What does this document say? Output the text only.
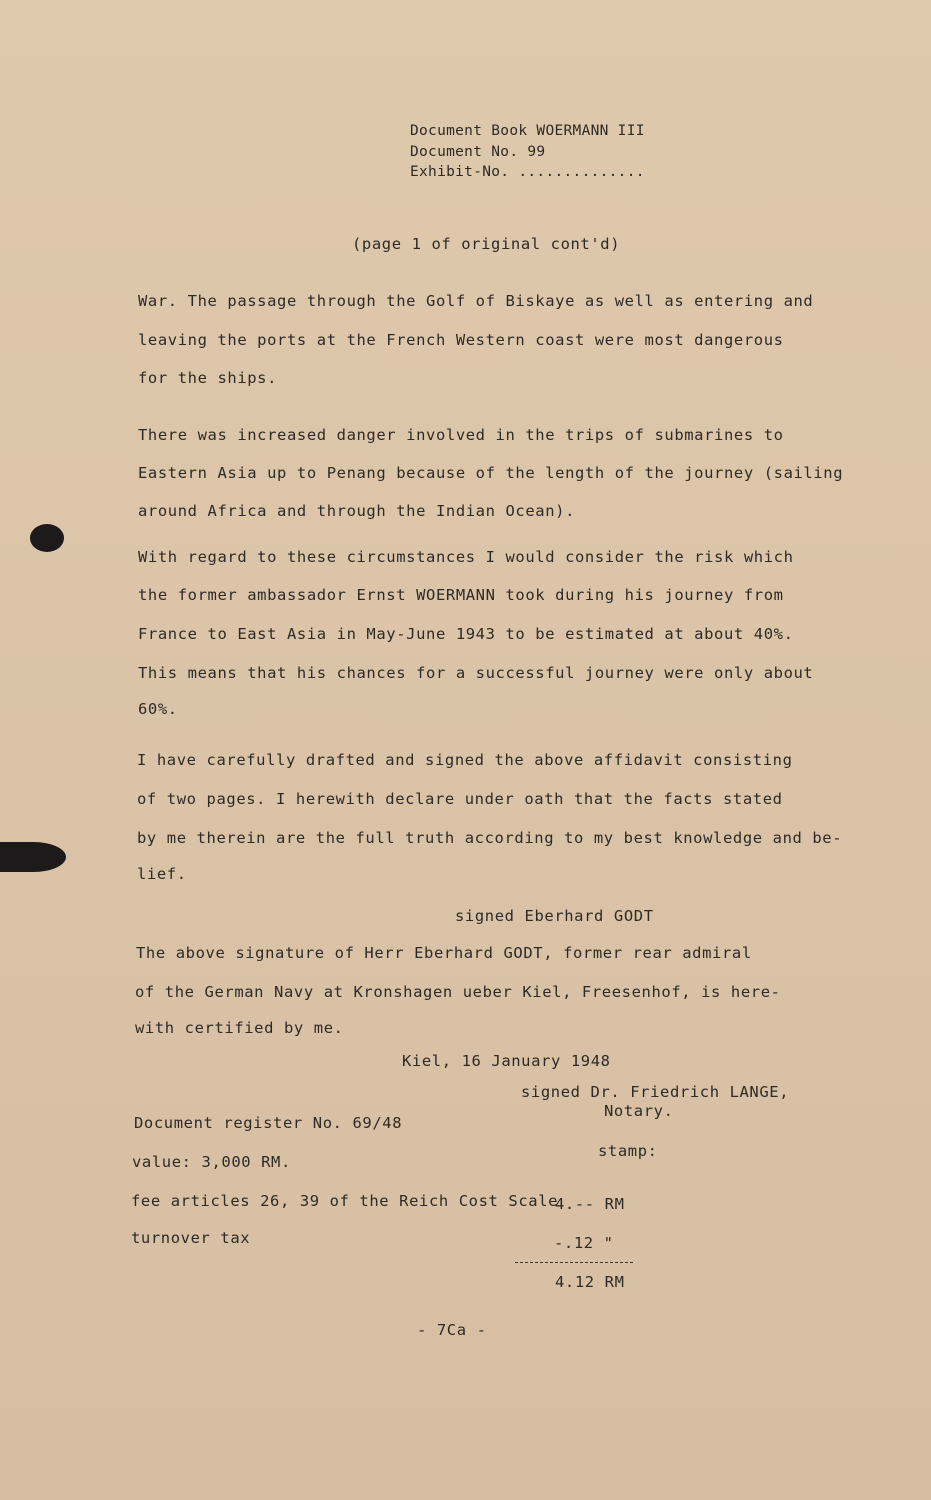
Document Book WOERMANN III
Document No. 99
Exhibit-No. ..............
(page 1 of original cont'd)
War. The passage through the Golf of Biskaye as well as entering and
leaving the ports at the French Western coast were most dangerous
for the ships.
There was increased danger involved in the trips of submarines to
Eastern Asia up to Penang because of the length of the journey (sailing
around Africa and through the Indian Ocean).
With regard to these circumstances I would consider the risk which
the former ambassador Ernst WOERMANN took during his journey from
France to East Asia in May-June 1943 to be estimated at about 40%.
This means that his chances for a successful journey were only about
60%.
I have carefully drafted and signed the above affidavit consisting
of two pages. I herewith declare under oath that the facts stated
by me therein are the full truth according to my best knowledge and be-
lief.
signed Eberhard GODT
The above signature of Herr Eberhard GODT, former rear admiral
of the German Navy at Kronshagen ueber Kiel, Freesenhof, is here-
with certified by me.
Kiel, 16 January 1948
signed Dr. Friedrich LANGE,
Notary.
Document register No. 69/48
stamp:
value: 3,000 RM.
fee articles 26, 39 of the Reich Cost Scale
4.-- RM
turnover tax	-.12 "
4.12 RM
- 7Ca -
